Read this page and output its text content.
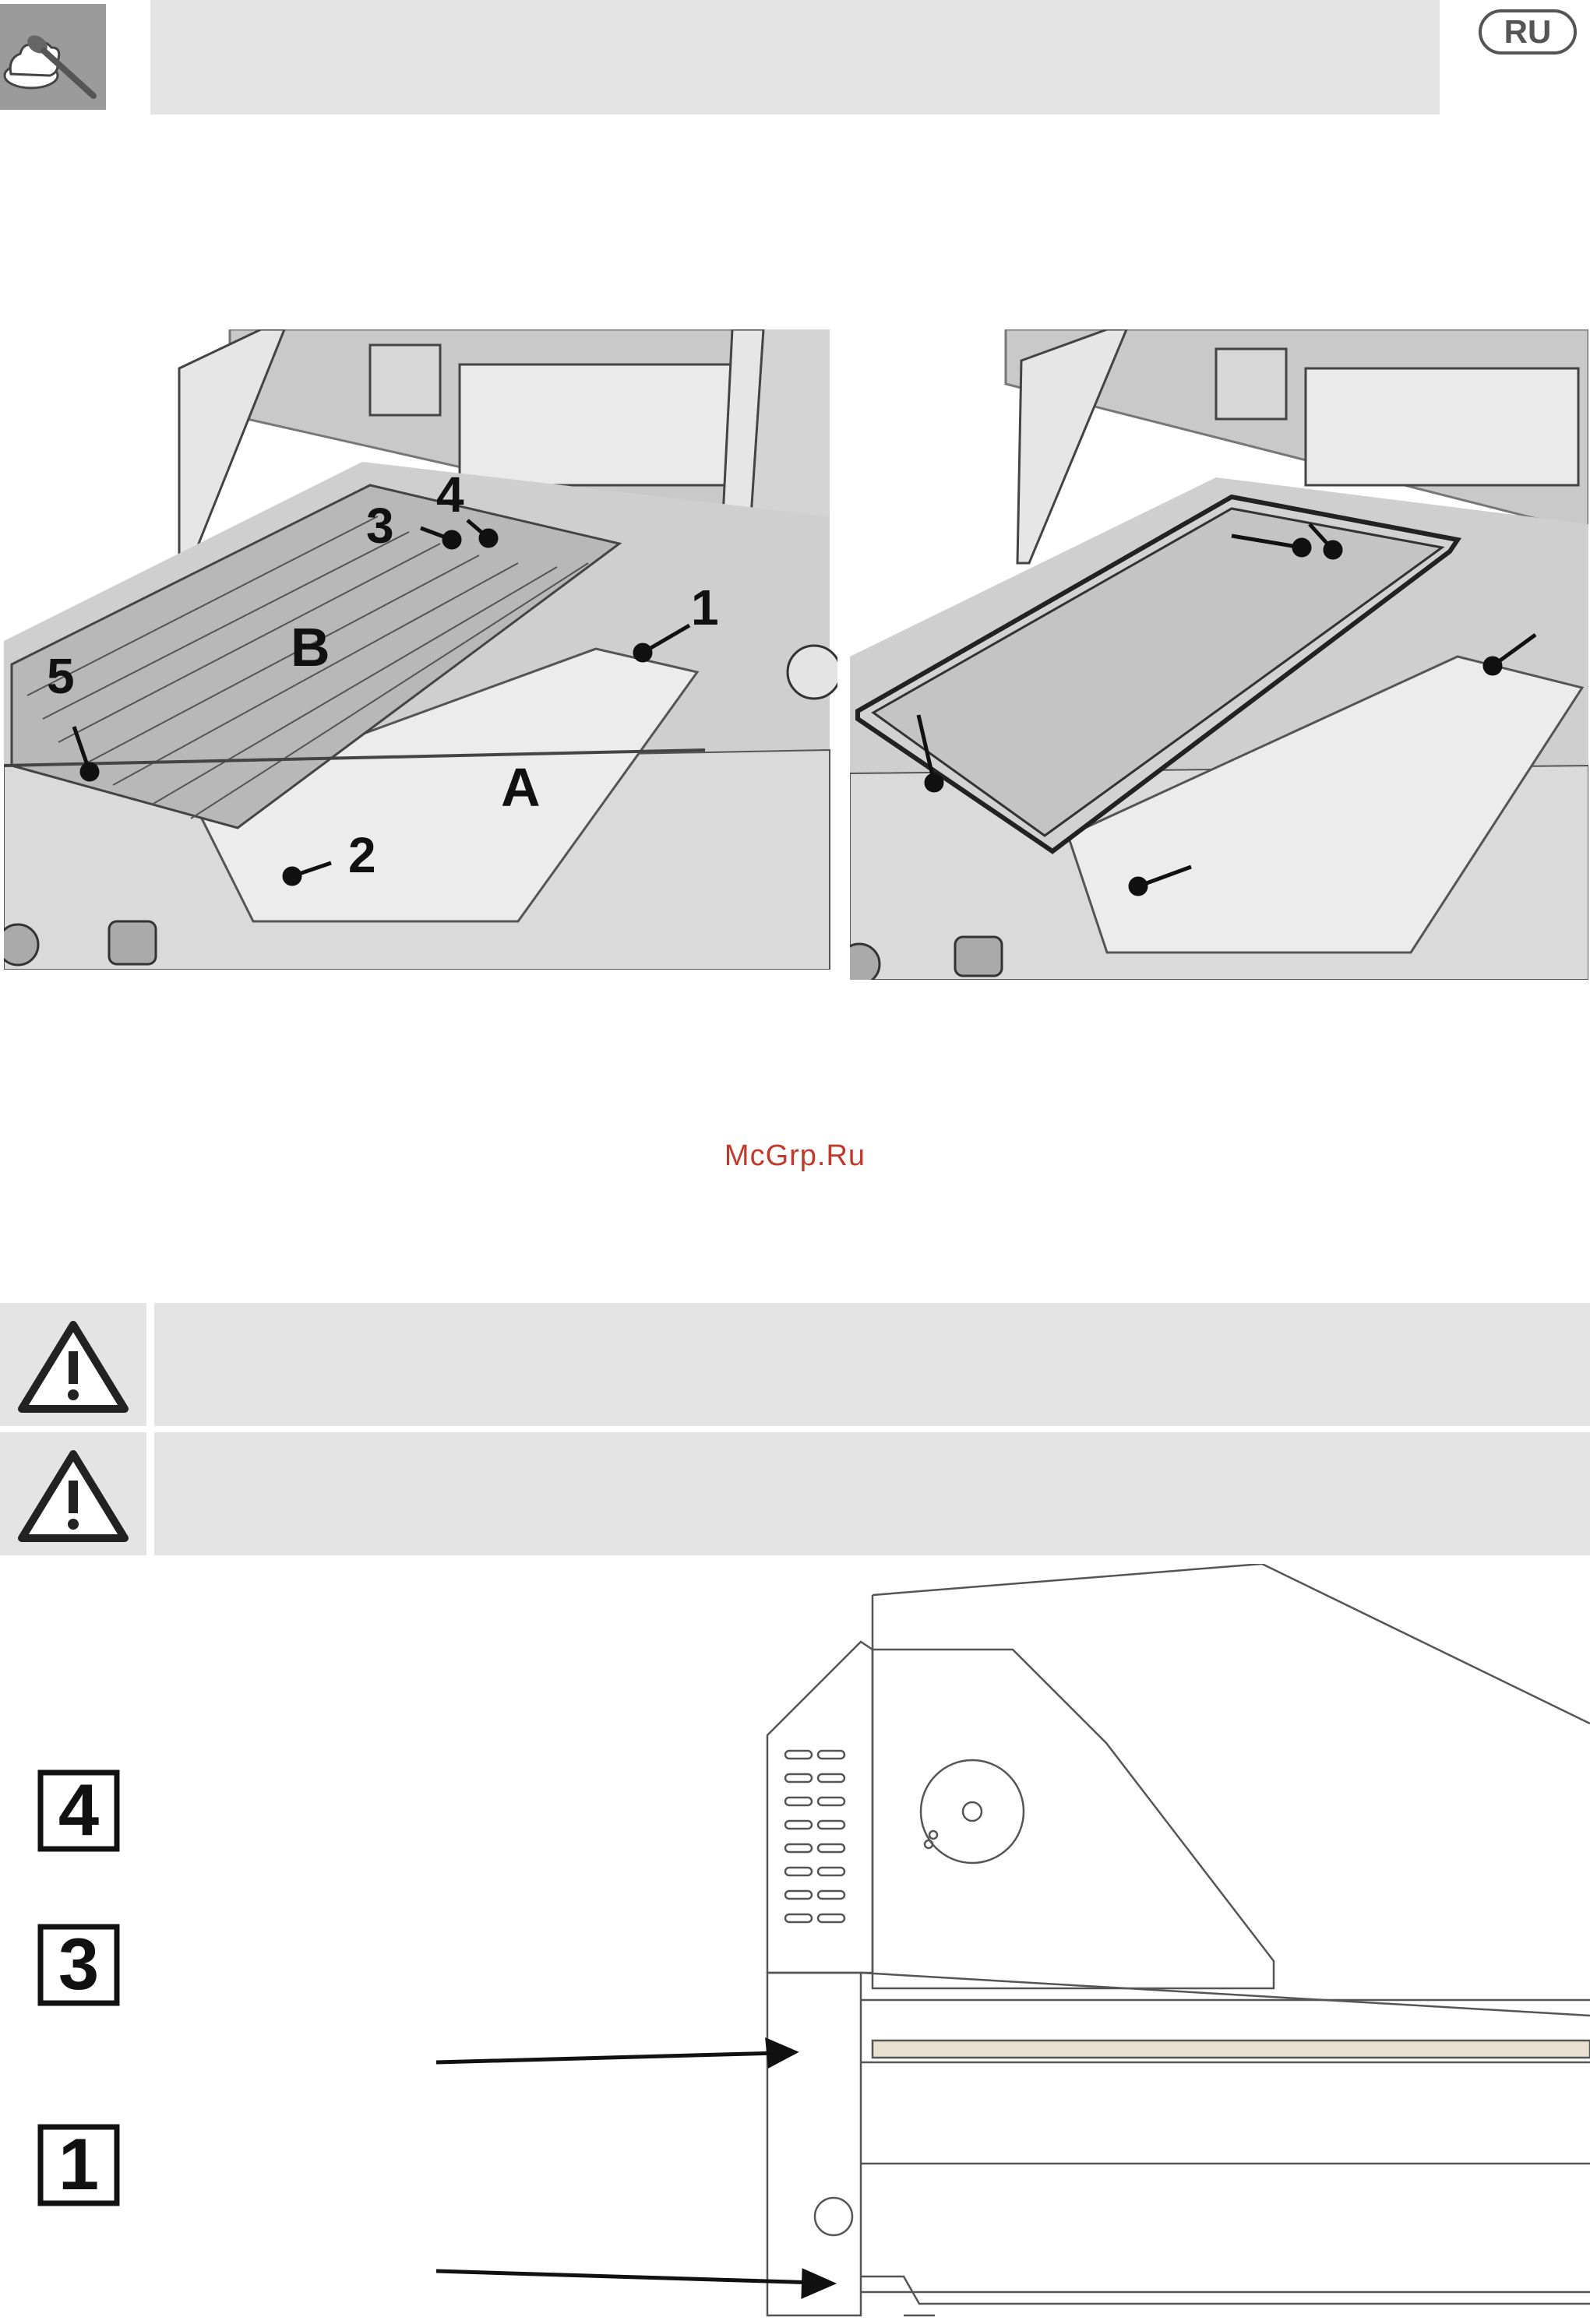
RU
1
2
3
4
5	B
A
McGrp.Ru
4
3
1
